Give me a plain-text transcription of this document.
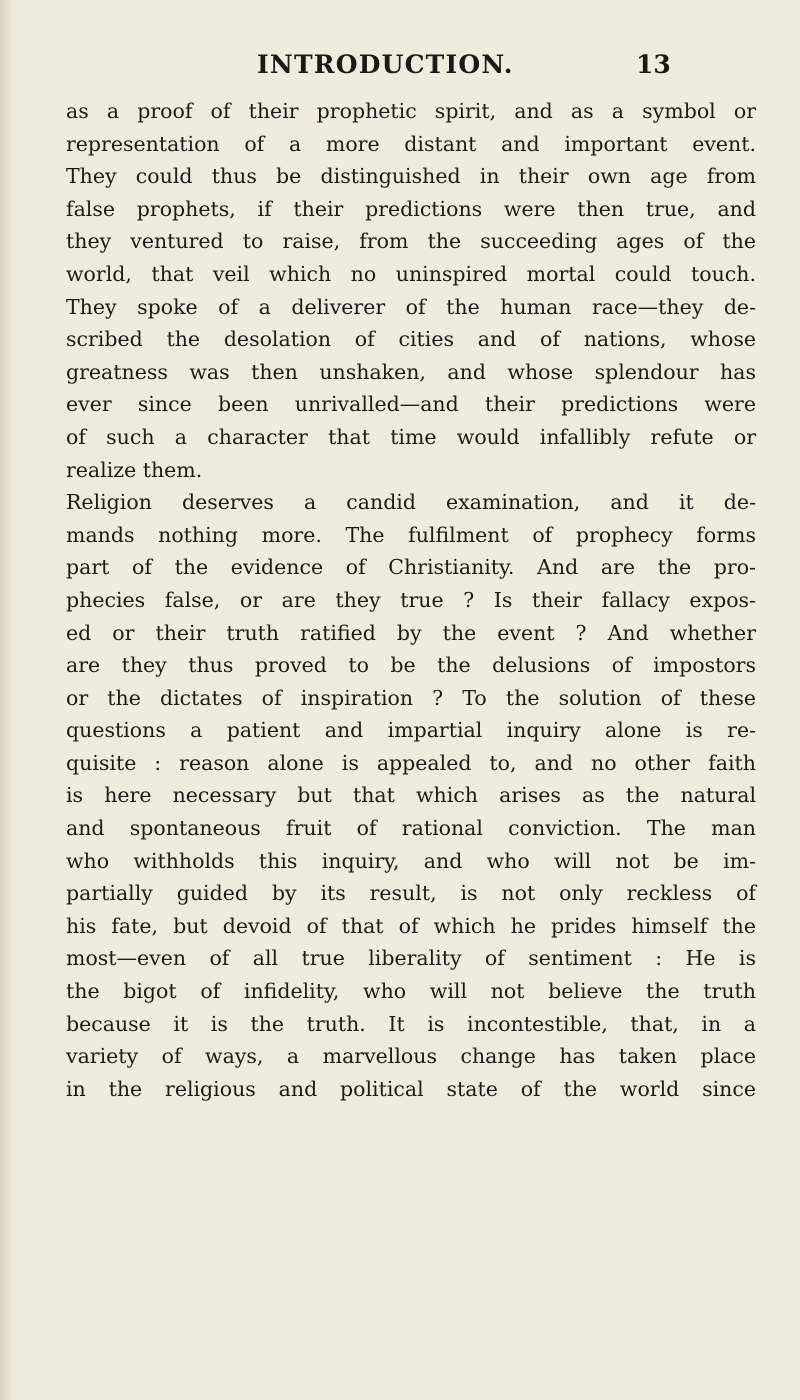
INTRODUCTION.	13
as a proof of their prophetic spirit, and as a symbol or
representation of a more distant and important event.
They could thus be distinguished in their own age from
false prophets, if their predictions were then true, and
they ventured to raise, from the succeeding ages of the
world, that veil which no uninspired mortal could touch.
They spoke of a deliverer of the human race—they de-
scribed the desolation of cities and of nations, whose
greatness was then unshaken, and whose splendour has
ever since been unrivalled—and their predictions were
of such a character that time would infallibly refute or
realize them.
Religion deserves a candid examination, and it de-
mands nothing more. The fulfilment of prophecy forms
part of the evidence of Christianity. And are the pro-
phecies false, or are they true ? Is their fallacy expos-
ed or their truth ratified by the event ? And whether
are they thus proved to be the delusions of impostors
or the dictates of inspiration ? To the solution of these
questions a patient and impartial inquiry alone is re-
quisite : reason alone is appealed to, and no other faith
is here necessary but that which arises as the natural
and spontaneous fruit of rational conviction. The man
who withholds this inquiry, and who will not be im-
partially guided by its result, is not only reckless of
his fate, but devoid of that of which he prides himself the
most—even of all true liberality of sentiment : He is
the bigot of infidelity, who will not believe the truth
because it is the truth. It is incontestible, that, in a
variety of ways, a marvellous change has taken place
in the religious and political state of the world since
